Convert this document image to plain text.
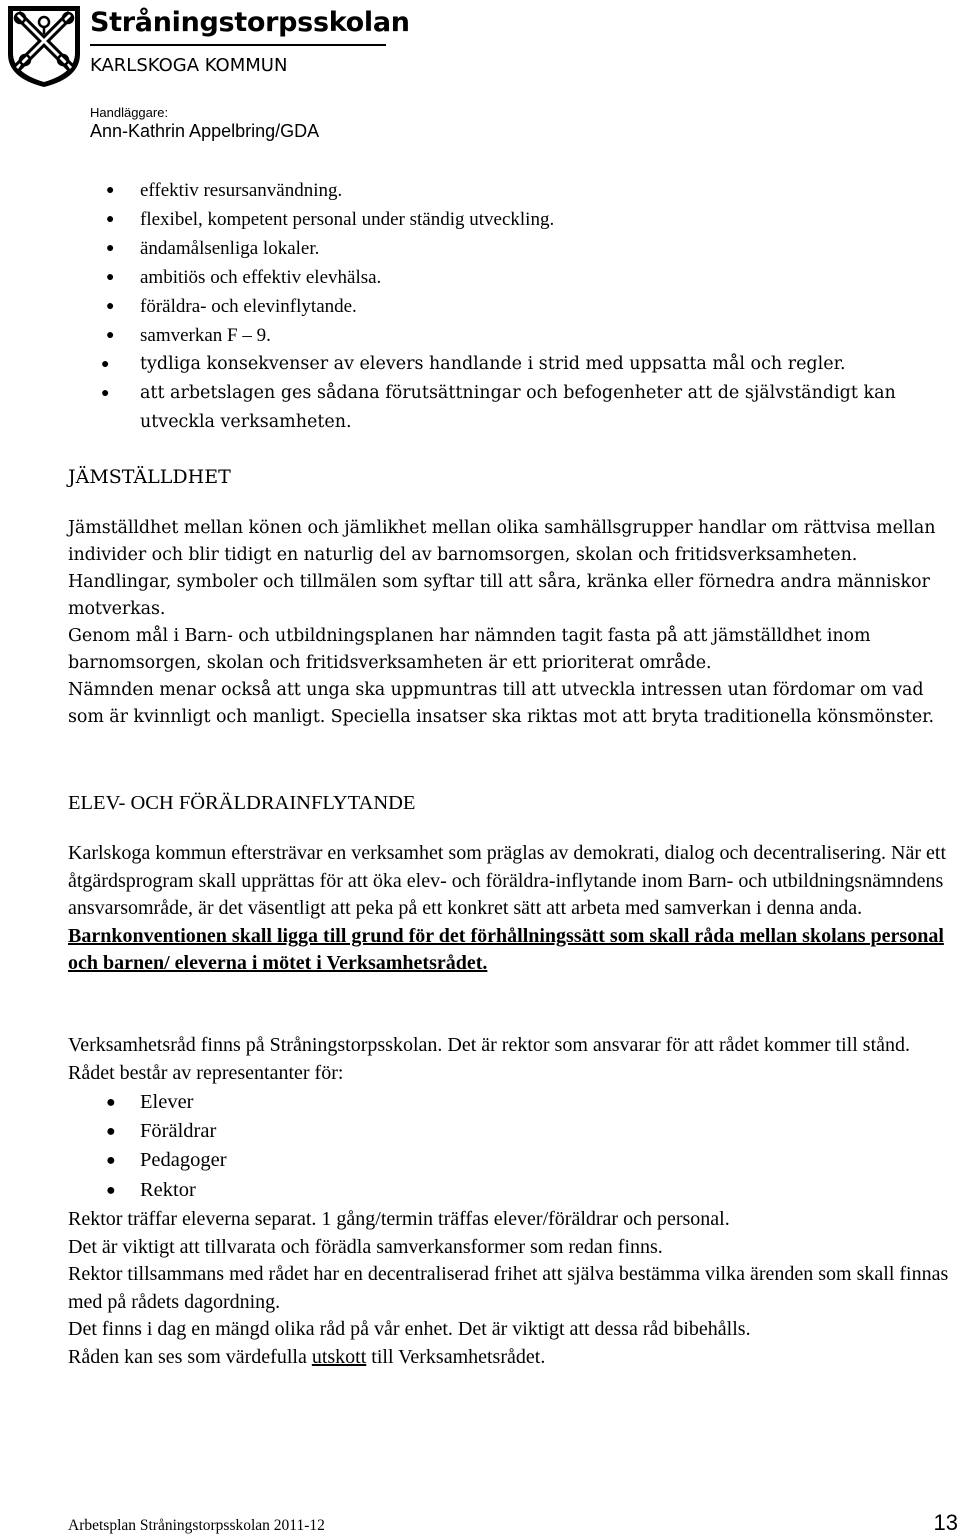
Stråningstorpsskolan
KARLSKOGA KOMMUN
Handläggare:
Ann-Kathrin Appelbring/GDA
● effektiv resursanvändning.
● flexibel, kompetent personal under ständig utveckling.
● ändamålsenliga lokaler.
● ambitiös och effektiv elevhälsa.
● föräldra- och elevinflytande.
● samverkan F – 9.
● tydliga konsekvenser av elevers handlande i strid med uppsatta mål och regler.
● att arbetslagen ges sådana förutsättningar och befogenheter att de självständigt kan utveckla verksamheten.
JÄMSTÄLLDHET
Jämställdhet mellan könen och jämlikhet mellan olika samhällsgrupper handlar om rättvisa mellan individer och blir tidigt en naturlig del av barnomsorgen, skolan och fritidsverksamheten. Handlingar, symboler och tillmälen som syftar till att såra, kränka eller förnedra andra människor motverkas.
Genom mål i Barn- och utbildningsplanen har nämnden tagit fasta på att jämställdhet inom barnomsorgen, skolan och fritidsverksamheten är ett prioriterat område.
Nämnden menar också att unga ska uppmuntras till att utveckla intressen utan fördomar om vad som är kvinnligt och manligt. Speciella insatser ska riktas mot att bryta traditionella könsmönster.
ELEV- OCH FÖRÄLDRAINFLYTANDE
Karlskoga kommun eftersträvar en verksamhet som präglas av demokrati, dialog och decentralisering. När ett åtgärdsprogram skall upprättas för att öka elev- och föräldra-inflytande inom Barn- och utbildningsnämndens ansvarsområde, är det väsentligt att peka på ett konkret sätt att arbeta med samverkan i denna anda. Barnkonventionen skall ligga till grund för det förhållningssätt som skall råda mellan skolans personal och barnen/ eleverna i mötet i Verksamhetsrådet.
Verksamhetsråd finns på Stråningstorpsskolan. Det är rektor som ansvarar för att rådet kommer till stånd. Rådet består av representanter för:
● Elever
● Föräldrar
● Pedagoger
● Rektor
Rektor träffar eleverna separat. 1 gång/termin träffas elever/föräldrar och personal.
Det är viktigt att tillvarata och förädla samverkansformer som redan finns.
Rektor tillsammans med rådet har en decentraliserad frihet att själva bestämma vilka ärenden som skall finnas med på rådets dagordning.
Det finns i dag en mängd olika råd på vår enhet. Det är viktigt att dessa råd bibehålls.
Råden kan ses som värdefulla utskott till Verksamhetsrådet.
Arbetsplan Stråningstorpsskolan 2011-12	13
